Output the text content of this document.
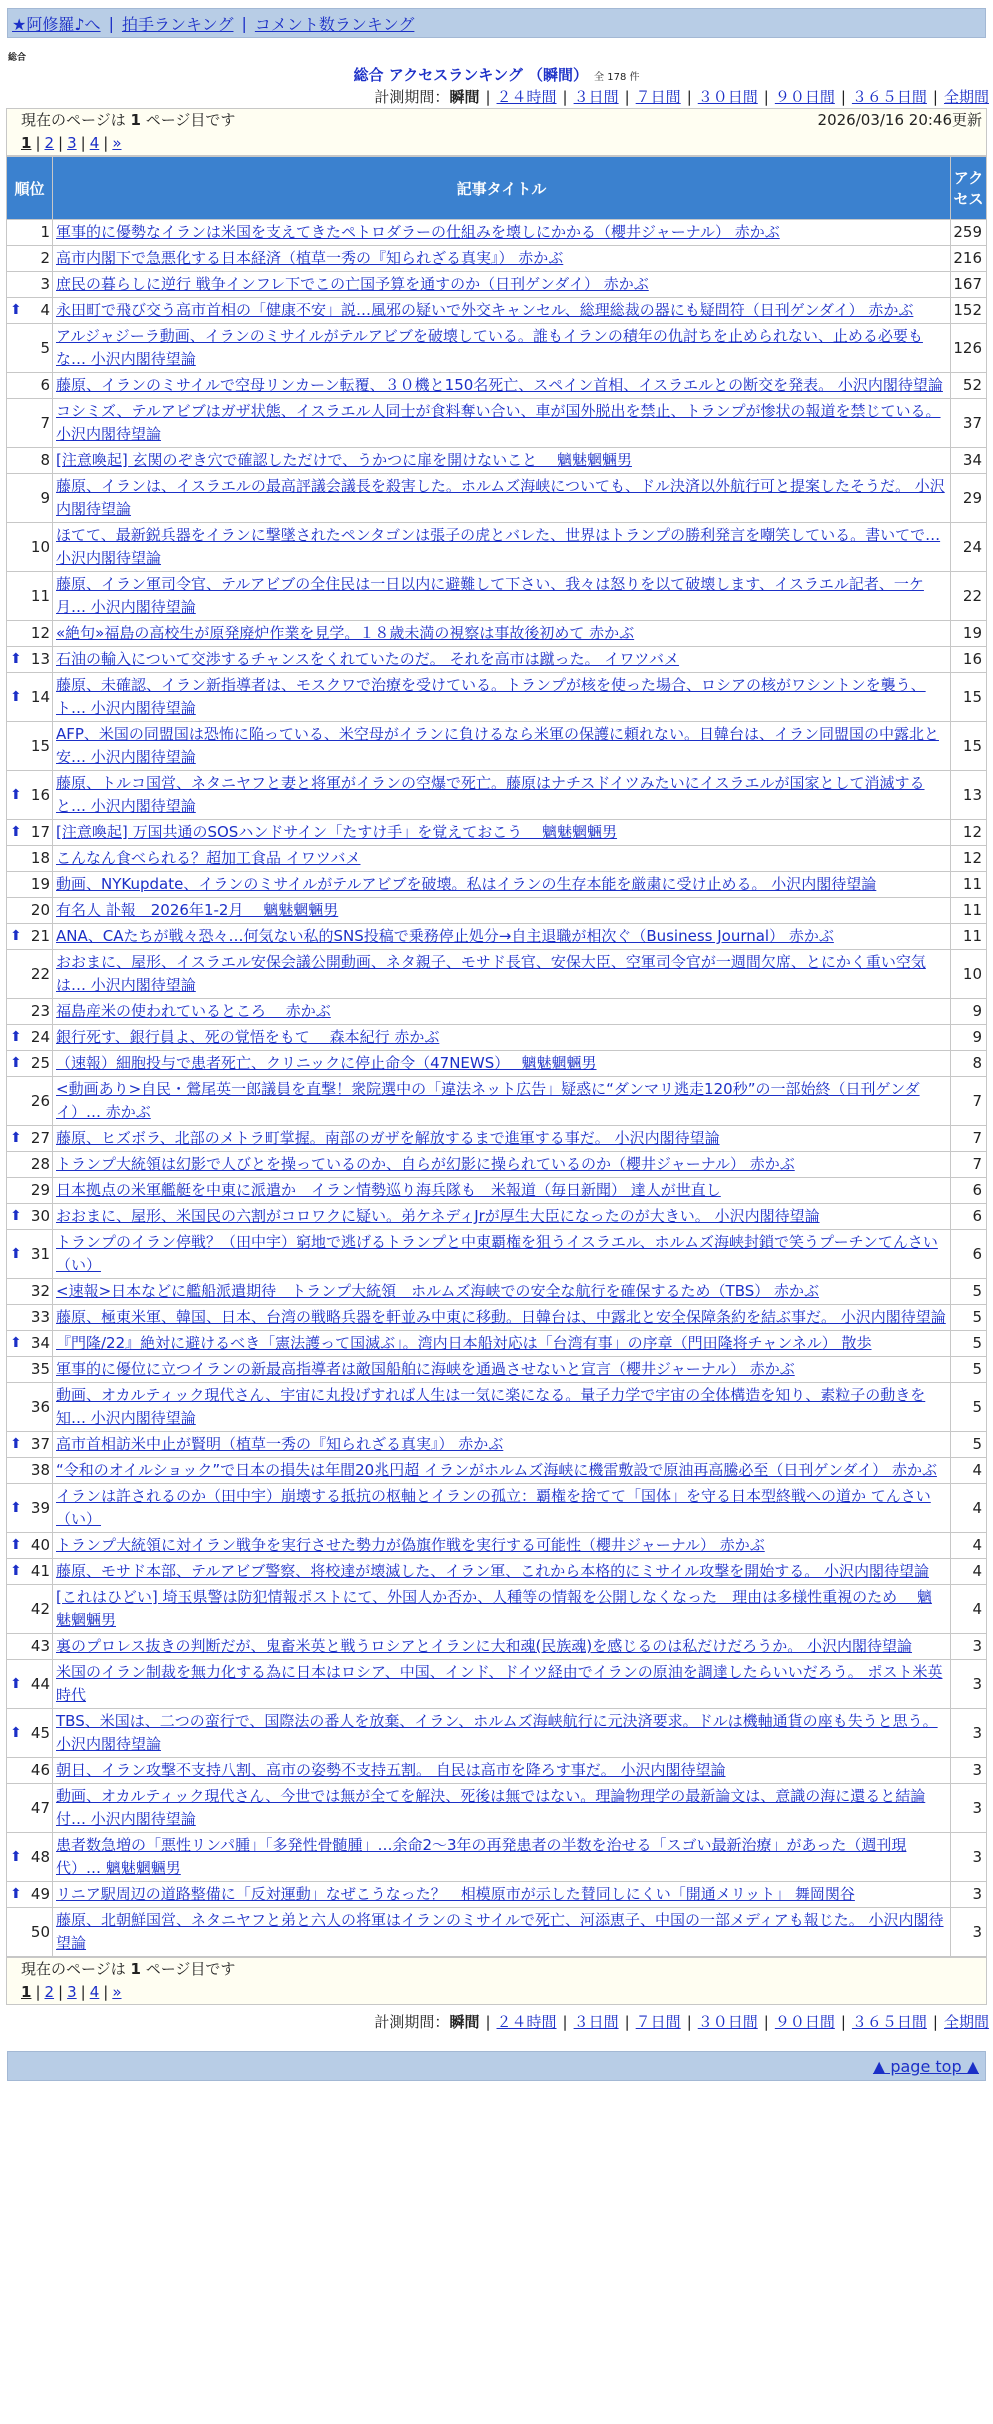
★阿修羅♪へ | 拍手ランキング | コメント数ランキング
総合
総合 アクセスランキング （瞬間） 全 178 件
計測期間：瞬間 | ２４時間 | ３日間 | ７日間 | ３０日間 | ９０日間 | ３６５日間 | 全期間
現在のページは 1 ページ目です	2026/03/16 20:46更新
1 | 2 | 3 | 4 | »
順位	記事タイトル	アクセス
1	軍事的に優勢なイランは米国を支えてきたペトロダラーの仕組みを壊しにかかる（櫻井ジャーナル） 赤かぶ	259
2	高市内閣下で急悪化する日本経済（植草一秀の『知られざる真実』） 赤かぶ	216
3	庶民の暮らしに逆行 戦争インフレ下でこの亡国予算を通すのか（日刊ゲンダイ） 赤かぶ	167

⬆ 4	永田町で飛び交う高市首相の「健康不安」説…風邪の疑いで外交キャンセル、総理総裁の器にも疑問符（日刊ゲンダイ） 赤かぶ	152
5	アルジャジーラ動画、イランのミサイルがテルアビブを破壊している。誰もイランの積年の仇討ちを止められない、止める必要もな… 小沢内閣待望論	126
6	藤原、イランのミサイルで空母リンカーン転覆、３０機と150名死亡、スペイン首相、イスラエルとの断交を発表。 小沢内閣待望論	52
7	コシミズ、テルアビブはガザ状態、イスラエル人同士が食料奪い合い、車が国外脱出を禁止、トランプが惨状の報道を禁じている。 小沢内閣待望論	37
8	[注意喚起] 玄関のぞき穴で確認しただけで、うかつに扉を開けないこと　 魑魅魍魎男	34
9	藤原、イランは、イスラエルの最高評議会議長を殺害した。ホルムズ海峡についても、ドル決済以外航行可と提案したそうだ。 小沢内閣待望論	29
10	ほてて、最新鋭兵器をイランに撃墜されたペンタゴンは張子の虎とバレた、世界はトランプの勝利発言を嘲笑している。書いてで… 小沢内閣待望論	24
11	藤原、イラン軍司令官、テルアビブの全住民は一日以内に避難して下さい、我々は怒りを以て破壊します、イスラエル記者、一ケ月… 小沢内閣待望論	22
12	«絶句»福島の高校生が原発廃炉作業を見学。１８歳未満の視察は事故後初めて 赤かぶ	19

⬆ 13	石油の輸入について交渉するチャンスをくれていたのだ。 それを高市は蹴った。 イワツバメ	16

⬆ 14	藤原、未確認、イラン新指導者は、モスクワで治療を受けている。トランプが核を使った場合、ロシアの核がワシントンを襲う、ト… 小沢内閣待望論	15
15	AFP、米国の同盟国は恐怖に陥っている、米空母がイランに負けるなら米軍の保護に頼れない。日韓台は、イラン同盟国の中露北と安… 小沢内閣待望論	15

⬆ 16	藤原、トルコ国営、ネタニヤフと妻と将軍がイランの空爆で死亡。藤原はナチスドイツみたいにイスラエルが国家として消滅すると… 小沢内閣待望論	13

⬆ 17	[注意喚起] 万国共通のSOSハンドサイン「たすけ手」を覚えておこう　 魑魅魍魎男	12
18	こんなん食べられる？超加工食品 イワツバメ	12
19	動画、NYKupdate、イランのミサイルがテルアビブを破壊。私はイランの生存本能を厳粛に受け止める。 小沢内閣待望論	11
20	有名人 訃報　2026年1-2月　 魑魅魍魎男	11

⬆ 21	ANA、CAたちが戦々恐々…何気ない私的SNS投稿で乗務停止処分→自主退職が相次ぐ（Business Journal） 赤かぶ	11
22	おおまに、屋形、イスラエル安保会議公開動画、ネタ親子、モサド長官、安保大臣、空軍司令官が一週間欠席、とにかく重い空気は… 小沢内閣待望論	10
23	福島産米の使われているところ　 赤かぶ	9

⬆ 24	銀行死す、銀行員よ、死の覚悟をもて　 森本紀行 赤かぶ	9

⬆ 25	（速報）細胞投与で患者死亡、クリニックに停止命令（47NEWS）　 魑魅魍魎男	8
26	<動画あり>自民・鶯尾英一郎議員を直撃！衆院選中の「違法ネット広告」疑惑に“ダンマリ逃走120秒”の一部始終（日刊ゲンダイ）… 赤かぶ	7

⬆ 27	藤原、ヒズボラ、北部のメトラ町掌握。南部のガザを解放するまで進軍する事だ。 小沢内閣待望論	7
28	トランプ大統領は幻影で人びとを操っているのか、自らが幻影に操られているのか（櫻井ジャーナル） 赤かぶ	7
29	日本拠点の米軍艦艇を中東に派遣か　イラン情勢巡り海兵隊も　米報道（毎日新聞） 達人が世直し	6

⬆ 30	おおまに、屋形、米国民の六割がコロワクに疑い。弟ケネディJrが厚生大臣になったのが大きい。 小沢内閣待望論	6

⬆ 31	トランプのイラン停戦？（田中宇）窮地で逃げるトランプと中東覇権を狙うイスラエル、ホルムズ海峡封鎖で笑うプーチンてんさい（い）	6
32	<速報>日本などに艦船派遣期待　トランプ大統領　ホルムズ海峡での安全な航行を確保するため（TBS） 赤かぶ	5
33	藤原、極東米軍、韓国、日本、台湾の戦略兵器を軒並み中東に移動。日韓台は、中露北と安全保障条約を結ぶ事だ。 小沢内閣待望論	5

⬆ 34	『門隆/22』絶対に避けるべき「憲法護って国滅ぶ」。湾内日本船対応は「台湾有事」の序章（門田隆将チャンネル） 散歩	5
35	軍事的に優位に立つイランの新最高指導者は敵国船舶に海峡を通過させないと宣言（櫻井ジャーナル） 赤かぶ	5
36	動画、オカルティック現代さん、宇宙に丸投げすれば人生は一気に楽になる。量子力学で宇宙の全体構造を知り、素粒子の動きを知… 小沢内閣待望論	5

⬆ 37	高市首相訪米中止が賢明（植草一秀の『知られざる真実』） 赤かぶ	5
38	“令和のオイルショック”で日本の損失は年間20兆円超 イランがホルムズ海峡に機雷敷設で原油再高騰必至（日刊ゲンダイ） 赤かぶ	4

⬆ 39	イランは許されるのか（田中宇）崩壊する抵抗の枢軸とイランの孤立：覇権を捨てて「国体」を守る日本型終戦への道か てんさい（い）	4

⬆ 40	トランプ大統領に対イラン戦争を実行させた勢力が偽旗作戦を実行する可能性（櫻井ジャーナル） 赤かぶ	4

⬆ 41	藤原、モサド本部、テルアビブ警察、将校達が壊滅した、イラン軍、これから本格的にミサイル攻撃を開始する。 小沢内閣待望論	4
42	[これはひどい] 埼玉県警は防犯情報ポストにて、外国人か否か、人種等の情報を公開しなくなった　理由は多様性重視のため　 魑魅魍魎男	4
43	裏のプロレス抜きの判断だが、鬼畜米英と戦うロシアとイランに大和魂(民族魂)を感じるのは私だけだろうか。 小沢内閣待望論	3

⬆ 44	米国のイラン制裁を無力化する為に日本はロシア、中国、インド、ドイツ経由でイランの原油を調達したらいいだろう。 ポスト米英時代	3

⬆ 45	TBS、米国は、二つの蛮行で、国際法の番人を放棄、イラン、ホルムズ海峡航行に元決済要求。ドルは機軸通貨の座も失うと思う。 小沢内閣待望論	3
46	朝日、イラン攻撃不支持八割、高市の姿勢不支持五割。 自民は高市を降ろす事だ。 小沢内閣待望論	3
47	動画、オカルティック現代さん、今世では無が全てを解決、死後は無ではない。理論物理学の最新論文は、意識の海に還ると結論付… 小沢内閣待望論	3

⬆ 48	患者数急増の「悪性リンパ腫」「多発性骨髄腫」…余命2〜3年の再発患者の半数を治せる「スゴい最新治療」があった（週刊現代）… 魑魅魍魎男	3

⬆ 49	リニア駅周辺の道路整備に「反対運動」なぜこうなった？　相模原市が示した賛同しにくい「開通メリット」 舞岡関谷	3
50	藤原、北朝鮮国営、ネタニヤフと弟と六人の将軍はイランのミサイルで死亡、河添恵子、中国の一部メディアも報じた。 小沢内閣待望論	3
現在のページは 1 ページ目です
1 | 2 | 3 | 4 | »
計測期間：瞬間 | ２４時間 | ３日間 | ７日間 | ３０日間 | ９０日間 | ３６５日間 | 全期間
▲ page top ▲
